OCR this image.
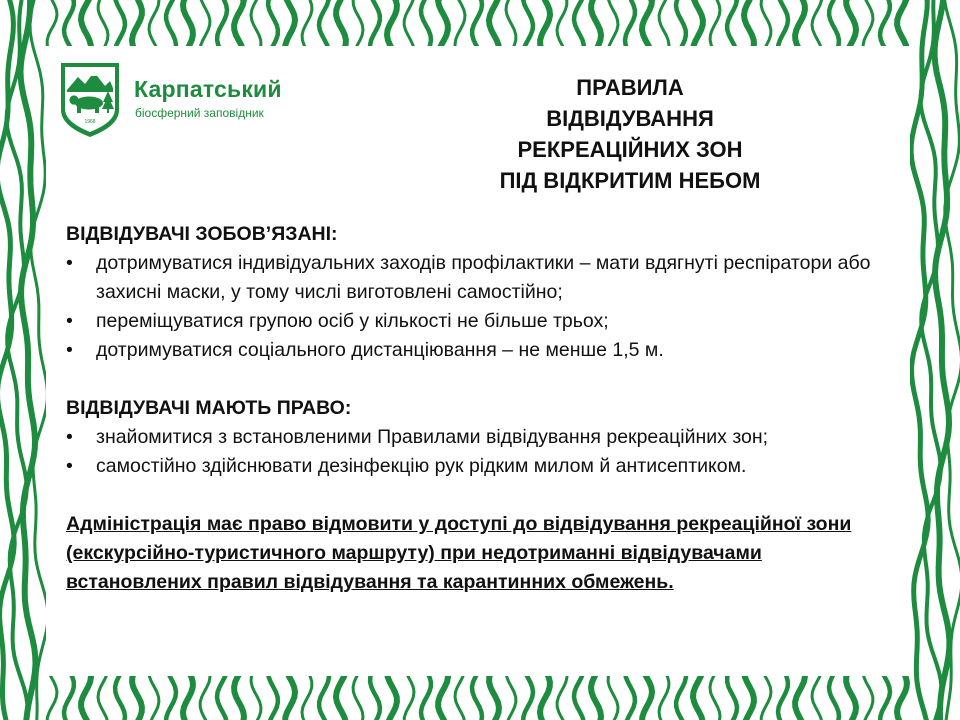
1968
Карпатський
біосферний заповідник
ПРАВИЛА
ВІДВІДУВАННЯ
РЕКРЕАЦІЙНИХ ЗОН
ПІД ВІДКРИТИМ НЕБОМ
ВІДВІДУВАЧІ ЗОБОВ’ЯЗАНІ:
• дотримуватися індивідуальних заходів профілактики – мати вдягнуті респіратори або захисні маски, у тому числі виготовлені самостійно;
• переміщуватися групою осіб у кількості не більше трьох;
• дотримуватися соціального дистанціювання – не менше 1,5 м.
ВІДВІДУВАЧІ МАЮТЬ ПРАВО:
• знайомитися з встановленими Правилами відвідування рекреаційних зон;
• самостійно здійснювати дезінфекцію рук рідким милом й антисептиком.
Адміністрація має право відмовити у доступі до відвідування рекреаційної зони (екскурсійно-туристичного маршруту) при недотриманні відвідувачами встановлених правил відвідування та карантинних обмежень.
